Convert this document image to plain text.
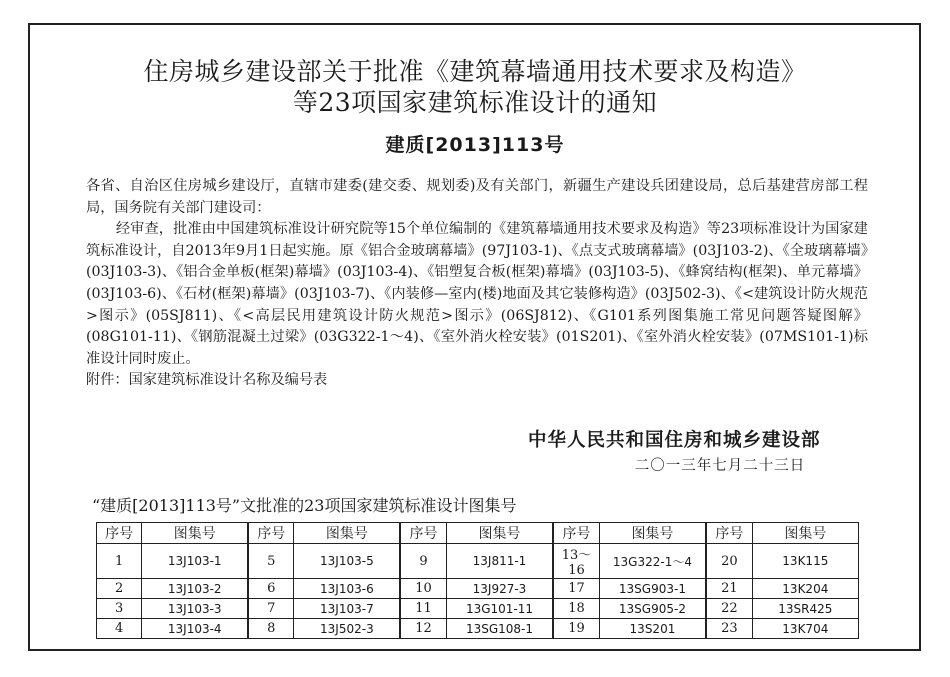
住房城乡建设部关于批准《建筑幕墙通用技术要求及构造》
等23项国家建筑标准设计的通知
建质[2013]113号

各省、自治区住房城乡建设厅，直辖市建委(建交委、规划委)及有关部门，新疆生产建设兵团建设局，总后基建营房部工程局，国务院有关部门建设司：

经审查，批准由中国建筑标准设计研究院等15个单位编制的《建筑幕墙通用技术要求及构造》等23项标准设计为国家建筑标准设计，自2013年9月1日起实施。原《铝合金玻璃幕墙》(97J103-1)、《点支式玻璃幕墙》(03J103-2)、《全玻璃幕墙》(03J103-3)、《铝合金单板(框架)幕墙》(03J103-4)、《铝塑复合板(框架)幕墙》(03J103-5)、《蜂窝结构(框架)、单元幕墙》(03J103-6)、《石材(框架)幕墙》(03J103-7)、《内装修—室内(楼)地面及其它装修构造》(03J502-3)、《<建筑设计防火规范>图示》(05SJ811)、《<高层民用建筑设计防火规范>图示》(06SJ812)、《G101系列图集施工常见问题答疑图解》(08G101-11)、《钢筋混凝土过梁》(03G322-1～4)、《室外消火栓安装》(01S201)、《室外消火栓安装》(07MS101-1)标准设计同时废止。

附件：国家建筑标准设计名称及编号表

中华人民共和国住房和城乡建设部
二〇一三年七月二十三日
“建质[2013]113号”文批准的23项国家建筑标准设计图集号
序号	图集号	序号	图集号	序号	图集号	序号	图集号	序号	图集号
1	13J103-1	5	13J103-5	9	13J811-1	13～16	13G322-1～4	20	13K115
2	13J103-2	6	13J103-6	10	13J927-3	17	13SG903-1	21	13K204
3	13J103-3	7	13J103-7	11	13G101-11	18	13SG905-2	22	13SR425
4	13J103-4	8	13J502-3	12	13SG108-1	19	13S201	23	13K704
